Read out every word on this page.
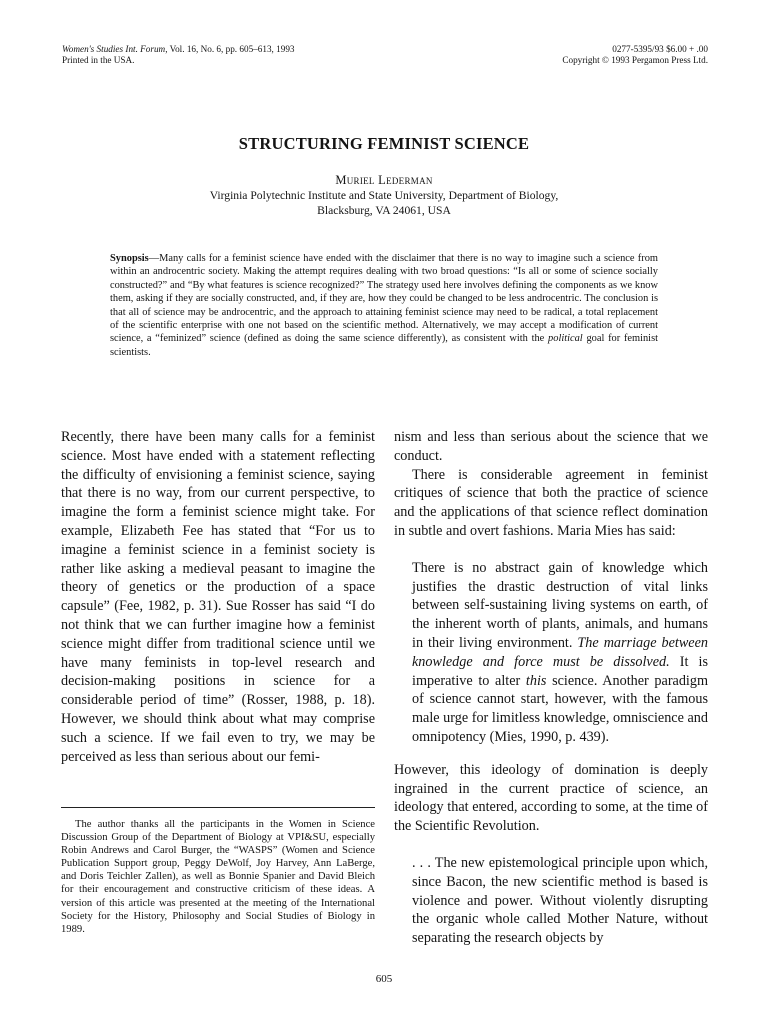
Women's Studies Int. Forum, Vol. 16, No. 6, pp. 605–613, 1993
Printed in the USA.
0277-5395/93 $6.00 + .00
Copyright © 1993 Pergamon Press Ltd.
STRUCTURING FEMINIST SCIENCE
Muriel Lederman
Virginia Polytechnic Institute and State University, Department of Biology,
Blacksburg, VA 24061, USA
Synopsis—Many calls for a feminist science have ended with the disclaimer that there is no way to imagine such a science from within an androcentric society. Making the attempt requires dealing with two broad questions: “Is all or some of science socially constructed?” and “By what features is science recognized?” The strategy used here involves defining the components as we know them, asking if they are socially constructed, and, if they are, how they could be changed to be less androcentric. The conclusion is that all of science may be androcentric, and the approach to attaining feminist science may need to be radical, a total replacement of the scientific enterprise with one not based on the scientific method. Alternatively, we may accept a modification of current science, a “feminized” science (defined as doing the same science differently), as consistent with the political goal for feminist scientists.

Recently, there have been many calls for a feminist science. Most have ended with a statement reflecting the difficulty of envisioning a feminist science, saying that there is no way, from our current perspective, to imagine the form a feminist science might take. For example, Elizabeth Fee has stated that “For us to imagine a feminist science in a feminist society is rather like asking a medieval peasant to imagine the theory of genetics or the production of a space capsule” (Fee, 1982, p. 31). Sue Rosser has said “I do not think that we can further imagine how a feminist science might differ from traditional science until we have many feminists in top-level research and decision-making positions in science for a considerable period of time” (Rosser, 1988, p. 18). However, we should think about what may comprise such a science. If we fail even to try, we may be perceived as less than serious about our femi-

nism and less than serious about the science that we conduct.

There is considerable agreement in feminist critiques of science that both the practice of science and the applications of that science reflect domination in subtle and overt fashions. Maria Mies has said:

There is no abstract gain of knowledge which justifies the drastic destruction of vital links between self-sustaining living systems on earth, of the inherent worth of plants, animals, and humans in their living environment. The marriage between knowledge and force must be dissolved. It is imperative to alter this science. Another paradigm of science cannot start, however, with the famous male urge for limitless knowledge, omniscience and omnipotency (Mies, 1990, p. 439).

However, this ideology of domination is deeply ingrained in the current practice of science, an ideology that entered, according to some, at the time of the Scientific Revolution.

. . . The new epistemological principle upon which, since Bacon, the new scientific method is based is violence and power. Without violently disrupting the organic whole called Mother Nature, without separating the research objects by

The author thanks all the participants in the Women in Science Discussion Group of the Department of Biology at VPI&SU, especially Robin Andrews and Carol Burger, the “WASPS” (Women and Science Publication Support group, Peggy DeWolf, Joy Harvey, Ann LaBerge, and Doris Teichler Zallen), as well as Bonnie Spanier and David Bleich for their encouragement and constructive criticism of these ideas. A version of this article was presented at the meeting of the International Society for the History, Philosophy and Social Studies of Biology in 1989.
605
